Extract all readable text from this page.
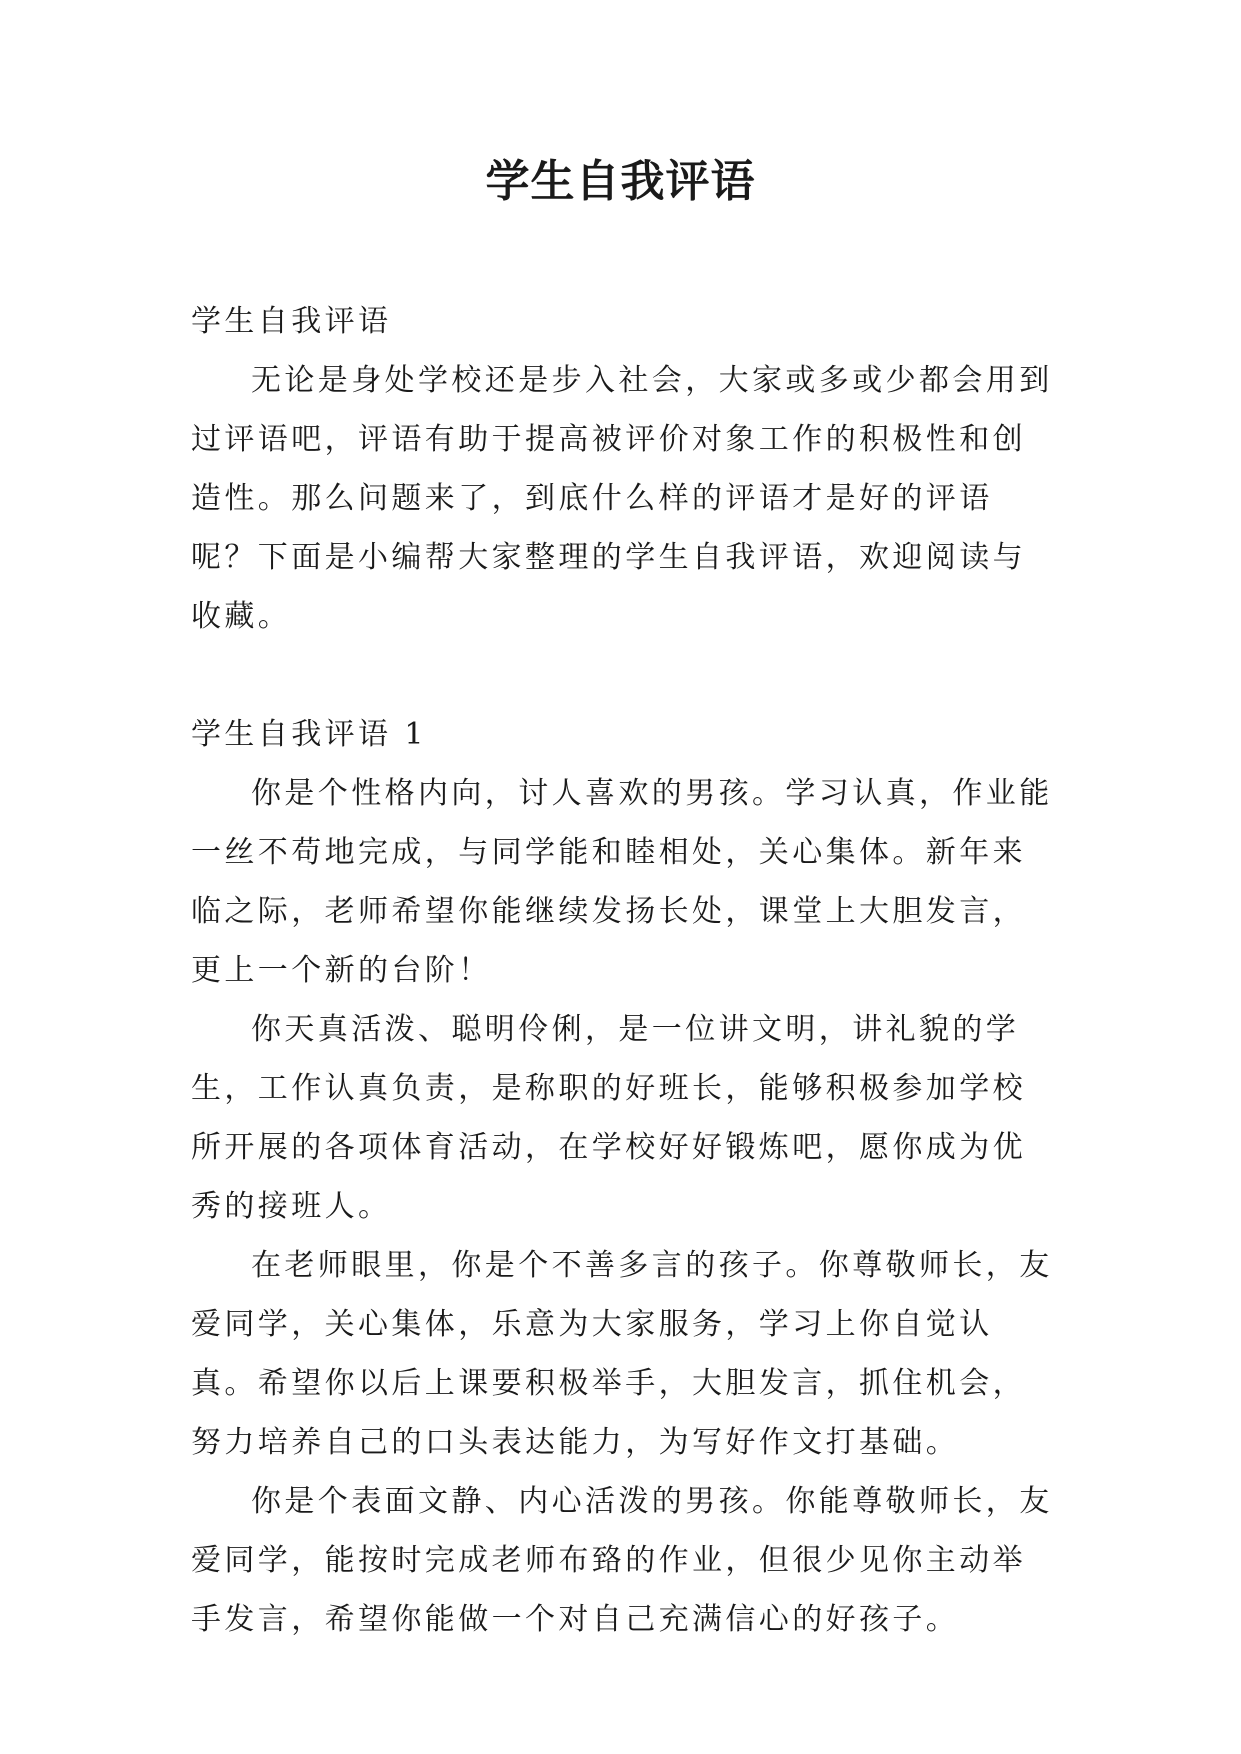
学生自我评语

学生自我评语

无论是身处学校还是步入社会，大家或多或少都会用到过评语吧，评语有助于提高被评价对象工作的积极性和创造性。那么问题来了，到底什么样的评语才是好的评语呢？下面是小编帮大家整理的学生自我评语，欢迎阅读与收藏。

学生自我评语 1

你是个性格内向，讨人喜欢的男孩。学习认真，作业能一丝不苟地完成，与同学能和睦相处，关心集体。新年来临之际，老师希望你能继续发扬长处，课堂上大胆发言，更上一个新的台阶！

你天真活泼、聪明伶俐，是一位讲文明，讲礼貌的学生，工作认真负责，是称职的好班长，能够积极参加学校所开展的各项体育活动，在学校好好锻炼吧，愿你成为优秀的接班人。

在老师眼里，你是个不善多言的孩子。你尊敬师长，友爱同学，关心集体，乐意为大家服务，学习上你自觉认真。希望你以后上课要积极举手，大胆发言，抓住机会，努力培养自己的口头表达能力，为写好作文打基础。

你是个表面文静、内心活泼的男孩。你能尊敬师长，友爱同学，能按时完成老师布臵的作业，但很少见你主动举手发言，希望你能做一个对自己充满信心的好孩子。
